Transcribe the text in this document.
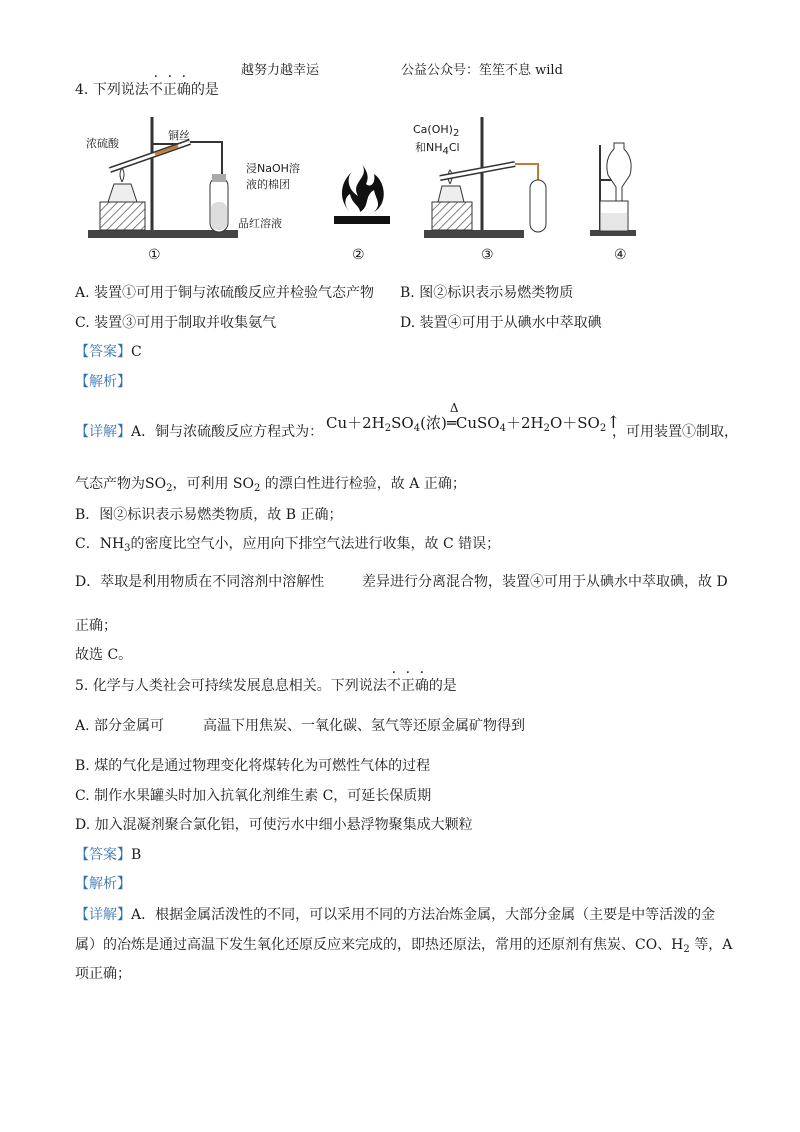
越努力越幸运	公益公众号：笙笙不息 wild
4. 下列说法不正确的是
浓硫酸
铜丝
浸NaOH溶
液的棉团
品红溶液
$Ca(OH)_2$
和$NH_4Cl$
①	②	③	④
A. 装置①可用于铜与浓硫酸反应并检验气态产物 B. 图②标识表示易燃类物质
C. 装置③可用于制取并收集氨气	D. 装置④可用于从碘水中萃取碘
【答案】C
【解析】
【详解】A．铜与浓硫酸反应方程式为： $Cu+2H_2SO_4$(浓)
Δ
$═CuSO_4+2H_2O+SO_2↑$
，可用装置①制取，
气态产物为$SO_2$，可利用 $SO_2$ 的漂白性进行检验，故 A 正确；
B．图②标识表示易燃类物质，故 B 正确；
C．$NH_3$的密度比空气小，应用向下排空气法进行收集，故 C 错误；
D．萃取是利用物质在不同溶剂中溶解性	差异进行分离混合物，装置④可用于从碘水中萃取碘，故 D
正确；
故选 C。
5. 化学与人类社会可持续发展息息相关。下列说法不正确的是
A. 部分金属可	高温下用焦炭、一氧化碳、氢气等还原金属矿物得到
B. 煤的气化是通过物理变化将煤转化为可燃性气体的过程
C. 制作水果罐头时加入抗氧化剂维生素 C，可延长保质期
D. 加入混凝剂聚合氯化铝，可使污水中细小悬浮物聚集成大颗粒
【答案】B
【解析】
【详解】A．根据金属活泼性的不同，可以采用不同的方法冶炼金属，大部分金属（主要是中等活泼的金
属）的冶炼是通过高温下发生氧化还原反应来完成的，即热还原法，常用的还原剂有焦炭、CO、$H_2$ 等，A
项正确；
